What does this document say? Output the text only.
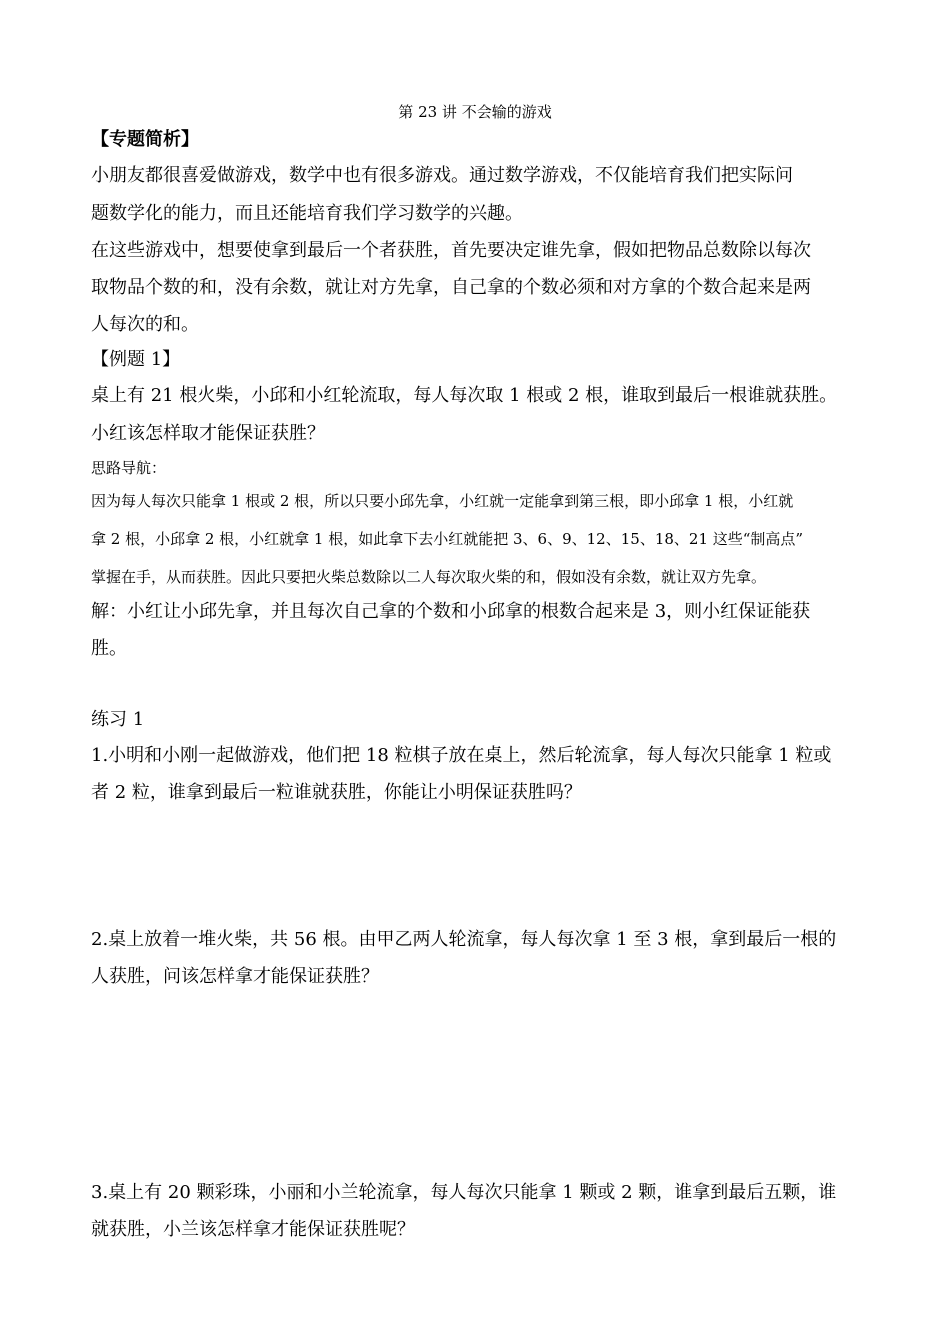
第 23 讲 不会输的游戏
【专题简析】
小朋友都很喜爱做游戏，数学中也有很多游戏。通过数学游戏，不仅能培育我们把实际问
题数学化的能力，而且还能培育我们学习数学的兴趣。
在这些游戏中，想要使拿到最后一个者获胜，首先要决定谁先拿，假如把物品总数除以每次
取物品个数的和，没有余数，就让对方先拿，自己拿的个数必须和对方拿的个数合起来是两
人每次的和。
【例题 1】
桌上有 21 根火柴，小邱和小红轮流取，每人每次取 1 根或 2 根，谁取到最后一根谁就获胜。
小红该怎样取才能保证获胜？
思路导航：
因为每人每次只能拿 1 根或 2 根，所以只要小邱先拿，小红就一定能拿到第三根，即小邱拿 1 根，小红就
拿 2 根，小邱拿 2 根，小红就拿 1 根，如此拿下去小红就能把 3、6、9、12、15、18、21 这些“制高点”
掌握在手，从而获胜。因此只要把火柴总数除以二人每次取火柴的和，假如没有余数，就让双方先拿。
解：小红让小邱先拿，并且每次自己拿的个数和小邱拿的根数合起来是 3，则小红保证能获
胜。
练习 1
1.小明和小刚一起做游戏，他们把 18 粒棋子放在桌上，然后轮流拿，每人每次只能拿 1 粒或
者 2 粒，谁拿到最后一粒谁就获胜，你能让小明保证获胜吗？
2.桌上放着一堆火柴，共 56 根。由甲乙两人轮流拿，每人每次拿 1 至 3 根，拿到最后一根的
人获胜，问该怎样拿才能保证获胜？
3.桌上有 20 颗彩珠，小丽和小兰轮流拿，每人每次只能拿 1 颗或 2 颗，谁拿到最后五颗，谁
就获胜，小兰该怎样拿才能保证获胜呢？
